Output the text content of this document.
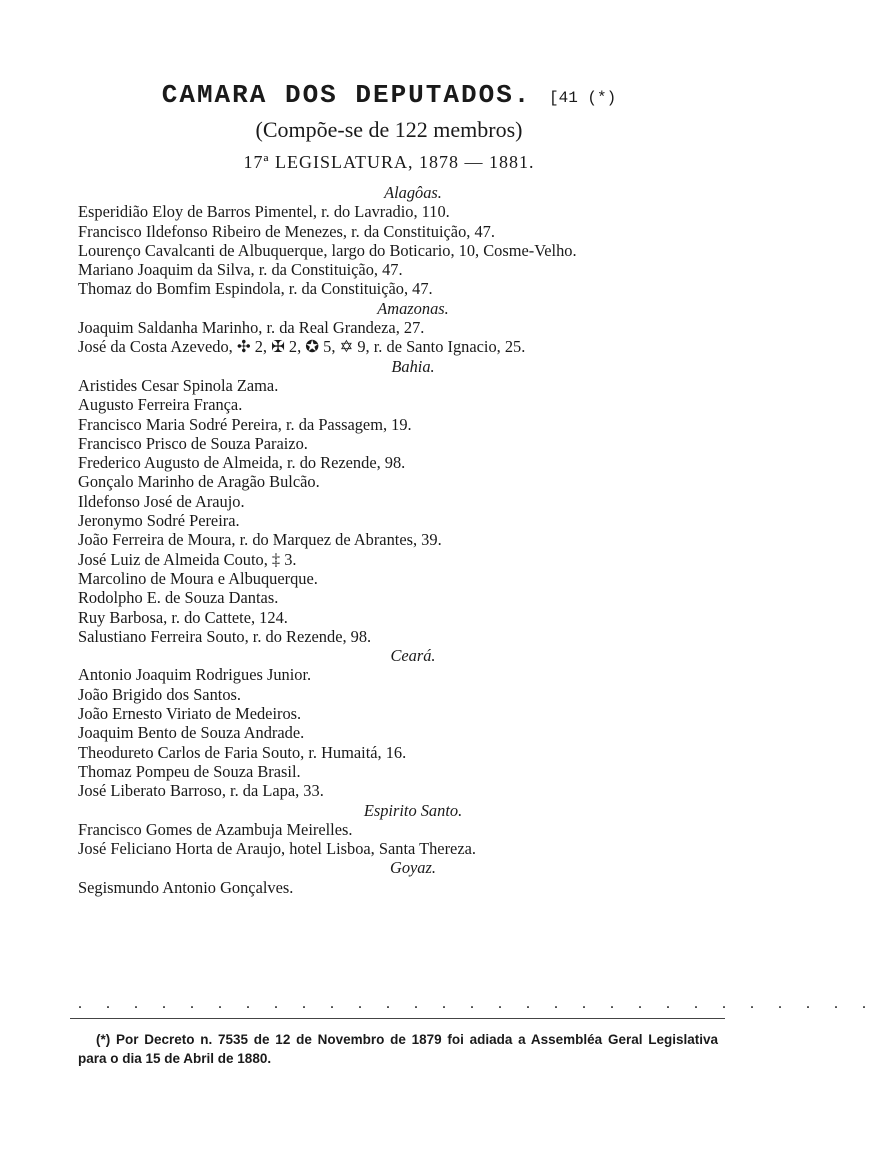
CAMARA DOS DEPUTADOS. [41 (*)
(Compõe-se de 122 membros)
17ª LEGISLATURA, 1878 — 1881.
Alagôas.
Esperidião Eloy de Barros Pimentel, r. do Lavradio, 110.
Francisco Ildefonso Ribeiro de Menezes, r. da Constituição, 47.
Lourenço Cavalcanti de Albuquerque, largo do Boticario, 10, Cosme-Velho.
Mariano Joaquim da Silva, r. da Constituição, 47.
Thomaz do Bomfim Espindola, r. da Constituição, 47.
Amazonas.
Joaquim Saldanha Marinho, r. da Real Grandeza, 27.
José da Costa Azevedo, ✣ 2, ✠ 2, ✪ 5, ✡ 9, r. de Santo Ignacio, 25.
Bahia.
Aristides Cesar Spinola Zama.
Augusto Ferreira França.
Francisco Maria Sodré Pereira, r. da Passagem, 19.
Francisco Prisco de Souza Paraizo.
Frederico Augusto de Almeida, r. do Rezende, 98.
Gonçalo Marinho de Aragão Bulcão.
Ildefonso José de Araujo.
Jeronymo Sodré Pereira.
João Ferreira de Moura, r. do Marquez de Abrantes, 39.
José Luiz de Almeida Couto, ‡ 3.
Marcolino de Moura e Albuquerque.
Rodolpho E. de Souza Dantas.
Ruy Barbosa, r. do Cattete, 124.
Salustiano Ferreira Souto, r. do Rezende, 98.
Ceará.
Antonio Joaquim Rodrigues Junior.
João Brigido dos Santos.
João Ernesto Viriato de Medeiros.
Joaquim Bento de Souza Andrade.
Theodureto Carlos de Faria Souto, r. Humaitá, 16.
Thomaz Pompeu de Souza Brasil.
José Liberato Barroso, r. da Lapa, 33.
Espirito Santo.
Francisco Gomes de Azambuja Meirelles.
José Feliciano Horta de Araujo, hotel Lisboa, Santa Thereza.
Goyaz.
Segismundo Antonio Gonçalves.
. . . . . . . . . . . . . . . . . . . . . . . . . . . . .
(*) Por Decreto n. 7535 de 12 de Novembro de 1879 foi adiada a Assembléa Geral Legislativa para o dia 15 de Abril de 1880.
